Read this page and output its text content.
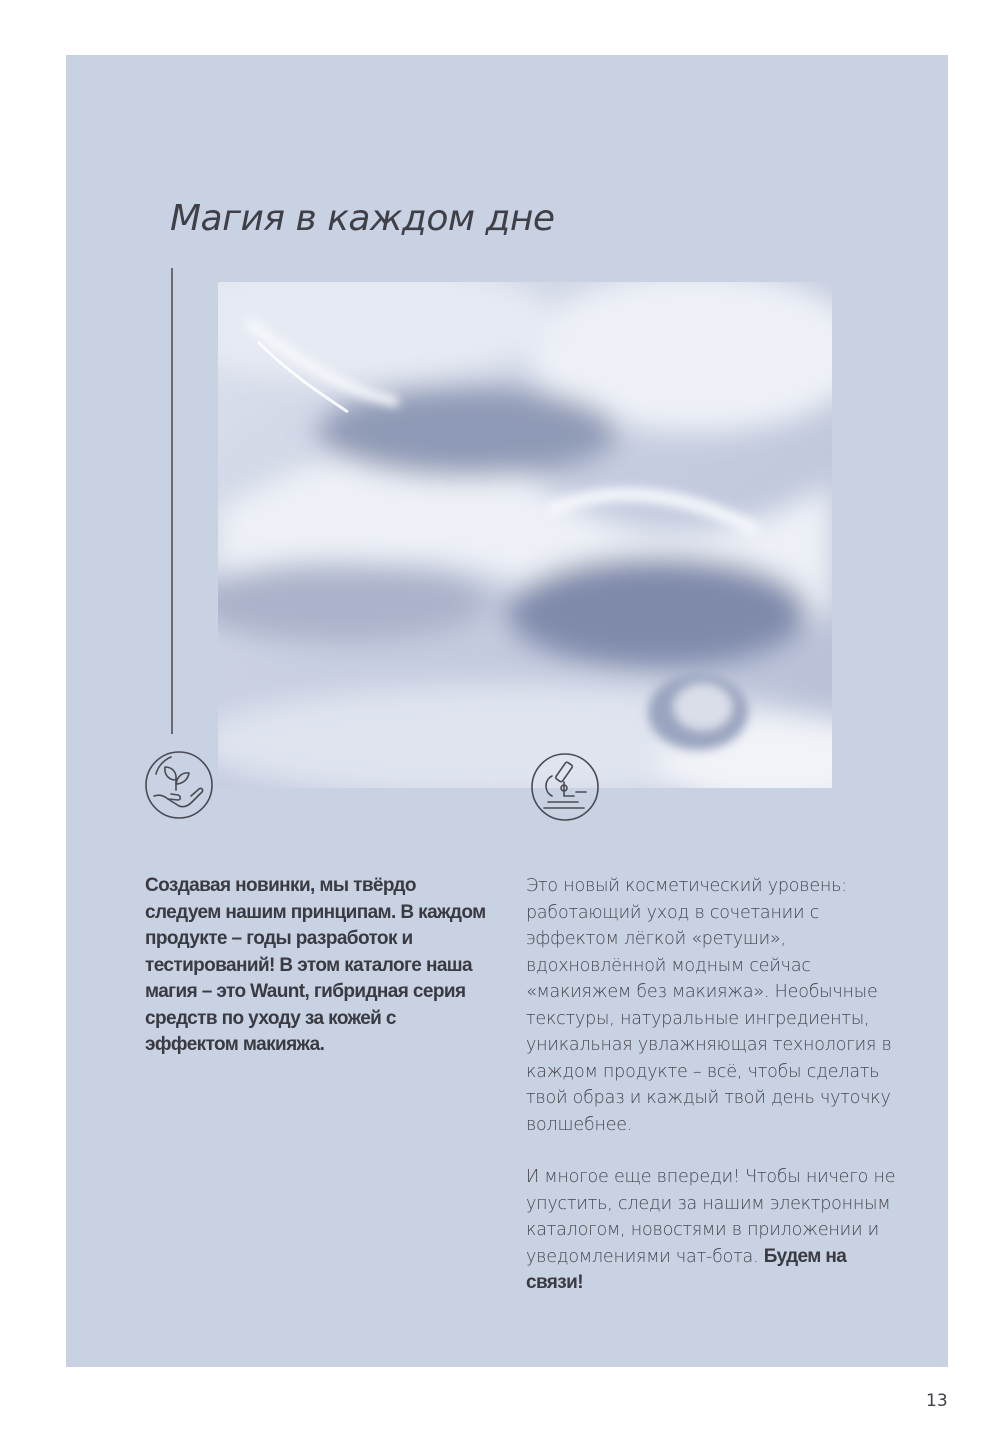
Магия в каждом дне
Создавая новинки, мы твёрдо следуем нашим принципам. В каждом продукте – годы разработок и тестирований! В этом каталоге наша магия – это Waunt, гибридная серия средств по уходу за кожей с эффектом макияжа.

Это новый косметический уровень: работающий уход в сочетании с эффектом лёгкой «ретуши», вдохновлённой модным сейчас «макияжем без макияжа». Необычные текстуры, натуральные ингредиенты, уникальная увлажняющая технология в каждом продукте – всё, чтобы сделать твой образ и каждый твой день чуточку волшебнее.

И многое еще впереди! Чтобы ничего не упустить, следи за нашим электронным каталогом, новостями в приложении и уведомлениями чат-бота. Будем на связи!

13
